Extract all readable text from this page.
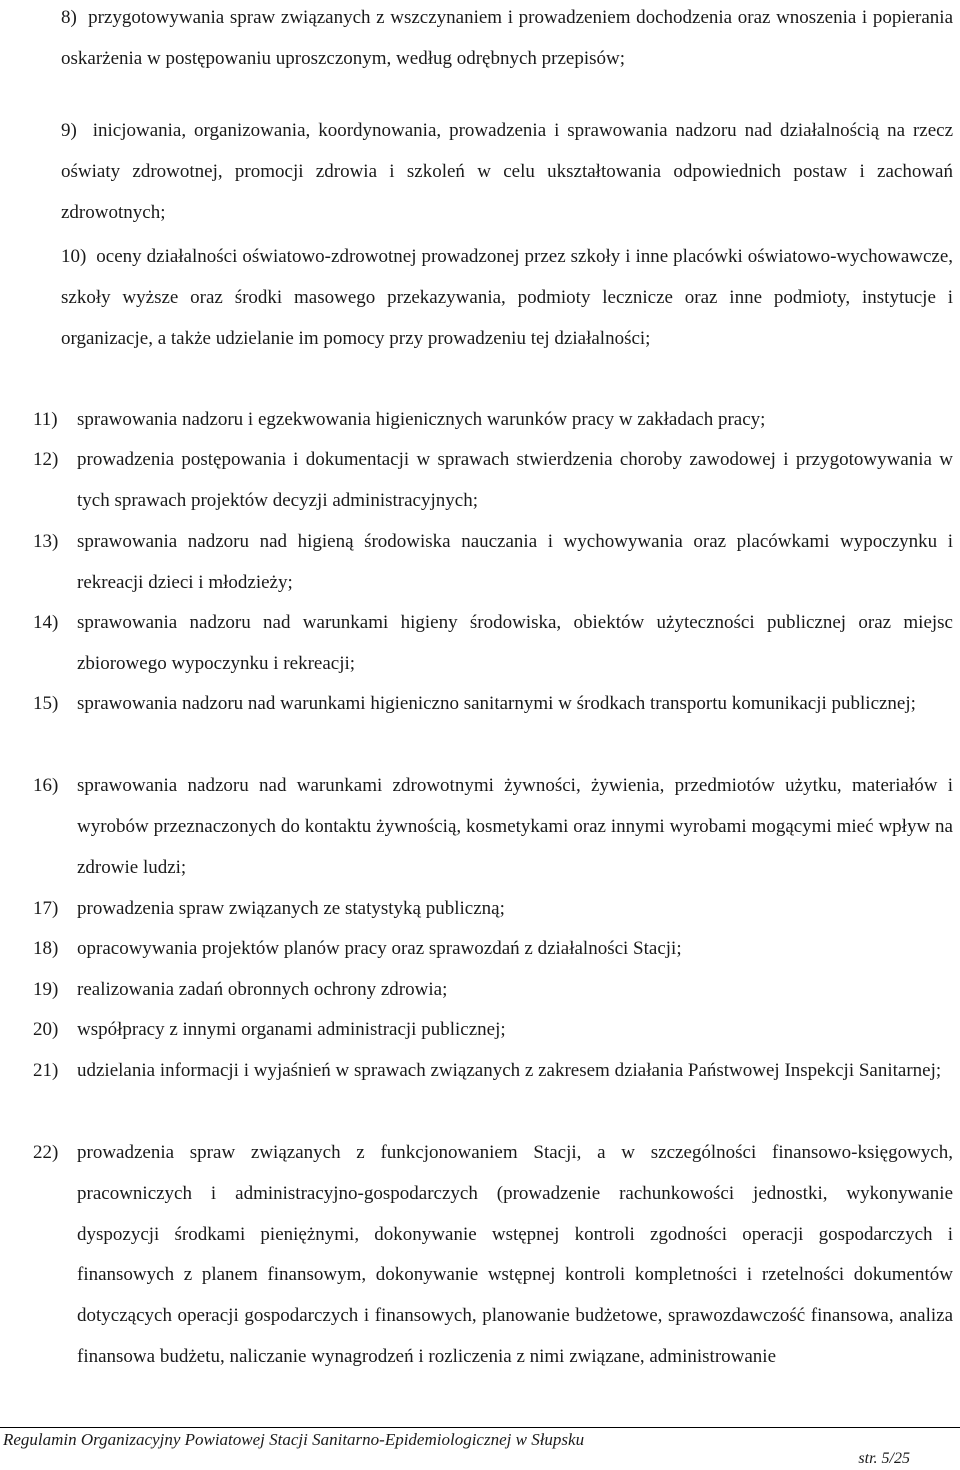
8)  przygotowywania spraw związanych z wszczynaniem i prowadzeniem dochodzenia oraz wnoszenia i popierania oskarżenia w postępowaniu uproszczonym, według odrębnych przepisów;
9)  inicjowania, organizowania, koordynowania, prowadzenia i sprawowania nadzoru nad działalnością na rzecz oświaty zdrowotnej, promocji zdrowia i szkoleń w celu ukształtowania odpowiednich postaw i zachowań zdrowotnych;
10)  oceny działalności oświatowo-zdrowotnej prowadzonej przez szkoły i inne placówki oświatowo-wychowawcze, szkoły wyższe oraz środki masowego przekazywania, podmioty lecznicze oraz inne podmioty, instytucje i organizacje, a także udzielanie im pomocy przy prowadzeniu tej działalności;
11)	sprawowania nadzoru i egzekwowania higienicznych warunków pracy w zakładach pracy;
12) prowadzenia postępowania i dokumentacji w sprawach stwierdzenia choroby zawodowej i przygotowywania w tych sprawach projektów decyzji administracyjnych;
13) sprawowania nadzoru nad higieną środowiska nauczania i wychowywania oraz placówkami wypoczynku i rekreacji dzieci i młodzieży;
14) sprawowania nadzoru nad warunkami higieny środowiska, obiektów użyteczności publicznej oraz miejsc zbiorowego wypoczynku i rekreacji;
15) sprawowania nadzoru nad warunkami higieniczno sanitarnymi w środkach transportu komunikacji publicznej;
16) sprawowania nadzoru nad warunkami zdrowotnymi żywności, żywienia, przedmiotów użytku, materiałów i wyrobów przeznaczonych do kontaktu żywnością, kosmetykami oraz innymi wyrobami mogącymi mieć wpływ na zdrowie ludzi;
17) prowadzenia spraw związanych ze statystyką publiczną;
18) opracowywania projektów planów pracy oraz sprawozdań z działalności Stacji;
19) realizowania zadań obronnych ochrony zdrowia;
20) współpracy z innymi organami administracji publicznej;
21) udzielania informacji i wyjaśnień w sprawach związanych z zakresem działania Państwowej Inspekcji Sanitarnej;
22) prowadzenia spraw związanych z funkcjonowaniem Stacji, a w szczególności finansowo-księgowych, pracowniczych i administracyjno-gospodarczych (prowadzenie rachunkowości jednostki, wykonywanie dyspozycji środkami pieniężnymi, dokonywanie wstępnej kontroli zgodności operacji gospodarczych i finansowych z planem finansowym, dokonywanie wstępnej kontroli kompletności i rzetelności dokumentów dotyczących operacji gospodarczych i finansowych, planowanie budżetowe, sprawozdawczość finansowa, analiza finansowa budżetu, naliczanie wynagrodzeń i rozliczenia z nimi związane, administrowanie
Regulamin Organizacyjny Powiatowej Stacji Sanitarno-Epidemiologicznej w Słupsku
str. 5/25
